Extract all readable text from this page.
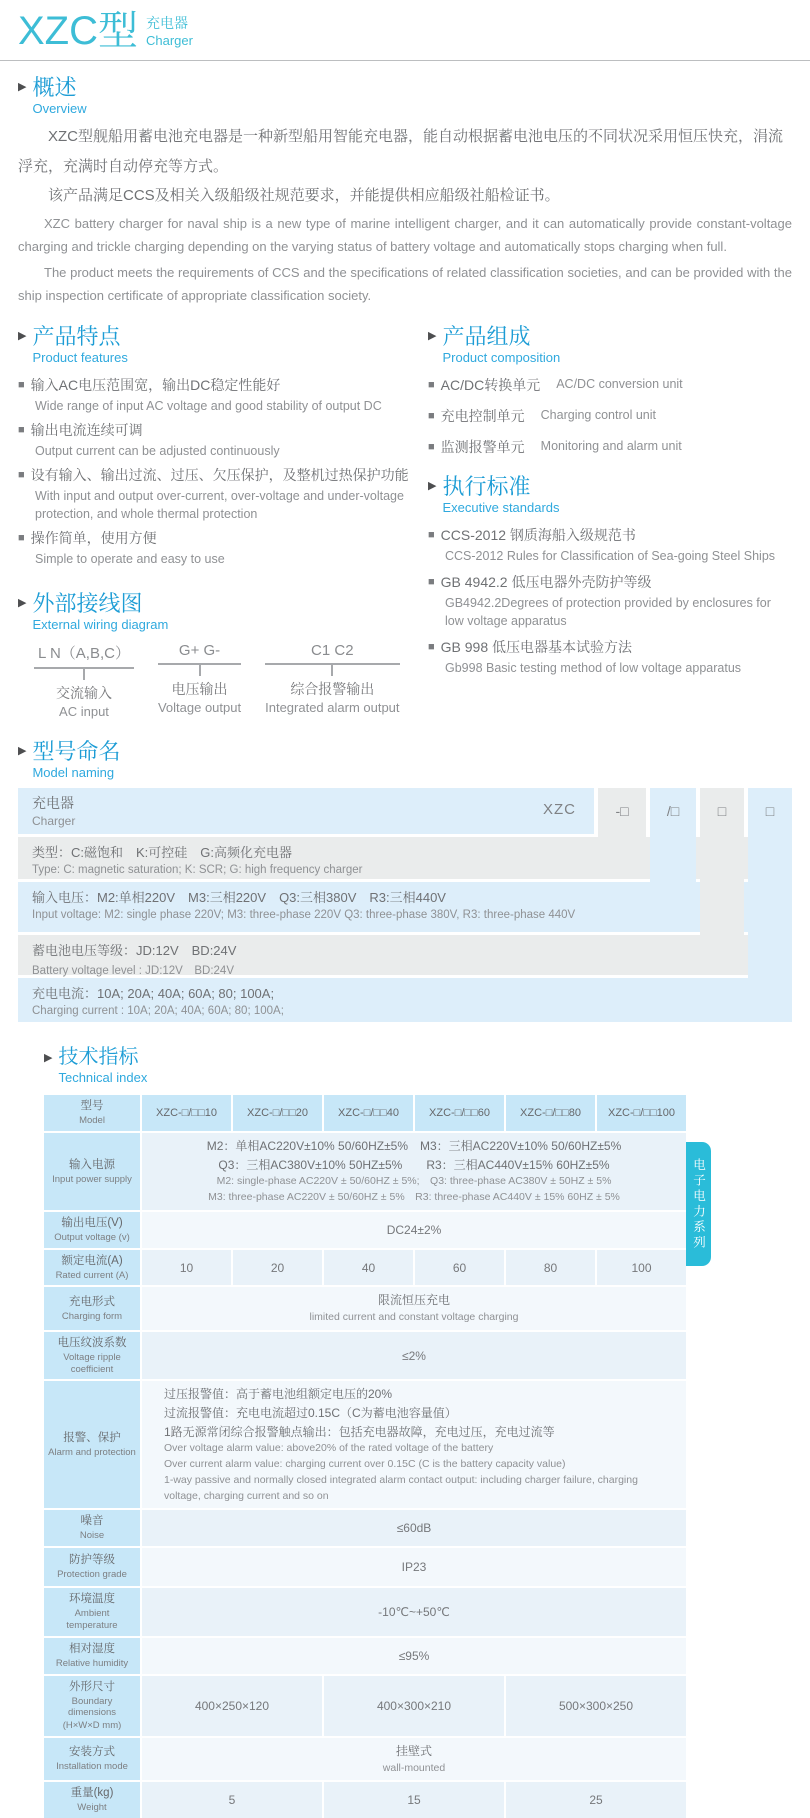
XZC型 充电器
Charger
▶ 概述
Overview

XZC型舰船用蓄电池充电器是一种新型船用智能充电器，能自动根据蓄电池电压的不同状况采用恒压快充，涓流浮充，充满时自动停充等方式。

该产品满足CCS及相关入级船级社规范要求，并能提供相应船级社船检证书。

XZC battery charger for naval ship is a new type of marine intelligent charger, and it can automatically provide constant-voltage charging and trickle charging depending on the varying status of battery voltage and automatically stops charging when full.

The product meets the requirements of CCS and the specifications of related classification societies, and can be provided with the ship inspection certificate of appropriate classification society.

▶ 产品特点
Product features
■ 输入AC电压范围宽，输出DC稳定性能好
Wide range of input AC voltage and good stability of output DC
■ 输出电流连续可调
Output current can be adjusted continuously
■ 设有输入、输出过流、过压、欠压保护，及整机过热保护功能
With input and output over-current, over-voltage and under-voltage protection, and whole thermal protection
■ 操作简单，使用方便
Simple to operate and easy to use
▶ 外部接线图
External wiring diagram
L N（A,B,C）
交流输入
AC input
G+ G-
电压输出
Voltage output
C1 C2
综合报警输出
Integrated alarm output
▶ 产品组成
Product composition
■ AC/DC转换单元 AC/DC conversion unit
■ 充电控制单元 Charging control unit
■ 监测报警单元 Monitoring and alarm unit
▶ 执行标准
Executive standards
■ CCS-2012 钢质海船入级规范书
CCS-2012 Rules for Classification of Sea-going Steel Ships
■ GB 4942.2 低压电器外壳防护等级
GB4942.2Degrees of protection provided by enclosures for low voltage apparatus
■ GB 998 低压电器基本试验方法
Gb998 Basic testing method of low voltage apparatus
▶ 型号命名
Model naming
充电器
Charger
XZC
类型：C:磁饱和　K:可控硅　G:高频化充电器
Type: C: magnetic saturation; K: SCR; G: high frequency charger
输入电压：M2:单相220V　M3:三相220V　Q3:三相380V　R3:三相440V
Input voltage: M2: single phase 220V; M3: three-phase 220V Q3: three-phase 380V, R3: three-phase 440V
蓄电池电压等级：JD:12V　BD:24V
Battery voltage level : JD:12V　BD:24V
充电电流：10A; 20A; 40A; 60A; 80; 100A;
Charging current : 10A; 20A; 40A; 60A; 80; 100A;
-□	/□	□	□
▶ 技术指标
Technical index
型号
Model
XZC-□/□□10	XZC-□/□□20	XZC-□/□□40	XZC-□/□□60	XZC-□/□□80	XZC-□/□□100
输入电源
Input power supply
M2：单相AC220V±10% 50/60HZ±5%　M3：三相AC220V±10% 50/60HZ±5%
Q3：三相AC380V±10% 50HZ±5%　　R3：三相AC440V±15% 60HZ±5%
M2: single-phase AC220V ± 50/60HZ ± 5%;　Q3: three-phase AC380V ± 50HZ ± 5%
M3: three-phase AC220V ± 50/60HZ ± 5%　R3: three-phase AC440V ± 15% 60HZ ± 5%
输出电压(V)
Output voltage (v)
DC24±2%
额定电流(A)
Rated current (A)
10	20	40	60	80	100
充电形式
Charging form
限流恒压充电
limited current and constant voltage charging
电压纹波系数
Voltage ripple coefficient
≤2%
报警、保护
Alarm and protection
过压报警值：高于蓄电池组额定电压的20%
过流报警值：充电电流超过0.15C（C为蓄电池容量值）
1路无源常闭综合报警触点输出：包括充电器故障，充电过压，充电过流等
Over voltage alarm value: above20% of the rated voltage of the battery
Over current alarm value: charging current over 0.15C (C is the battery capacity value)
1-way passive and normally closed integrated alarm contact output: including charger failure, charging voltage, charging current and so on
噪音
Noise
≤60dB
防护等级
Protection grade
IP23
环境温度
Ambient temperature
-10℃~+50℃
相对湿度
Relative humidity
≤95%
外形尺寸
Boundary dimensions
(H×W×D mm)
400×250×120	400×300×210	500×300×250
安装方式
Installation mode
挂壁式
wall-mounted
重量(kg)
Weight
5	15	25
电子电力系列
